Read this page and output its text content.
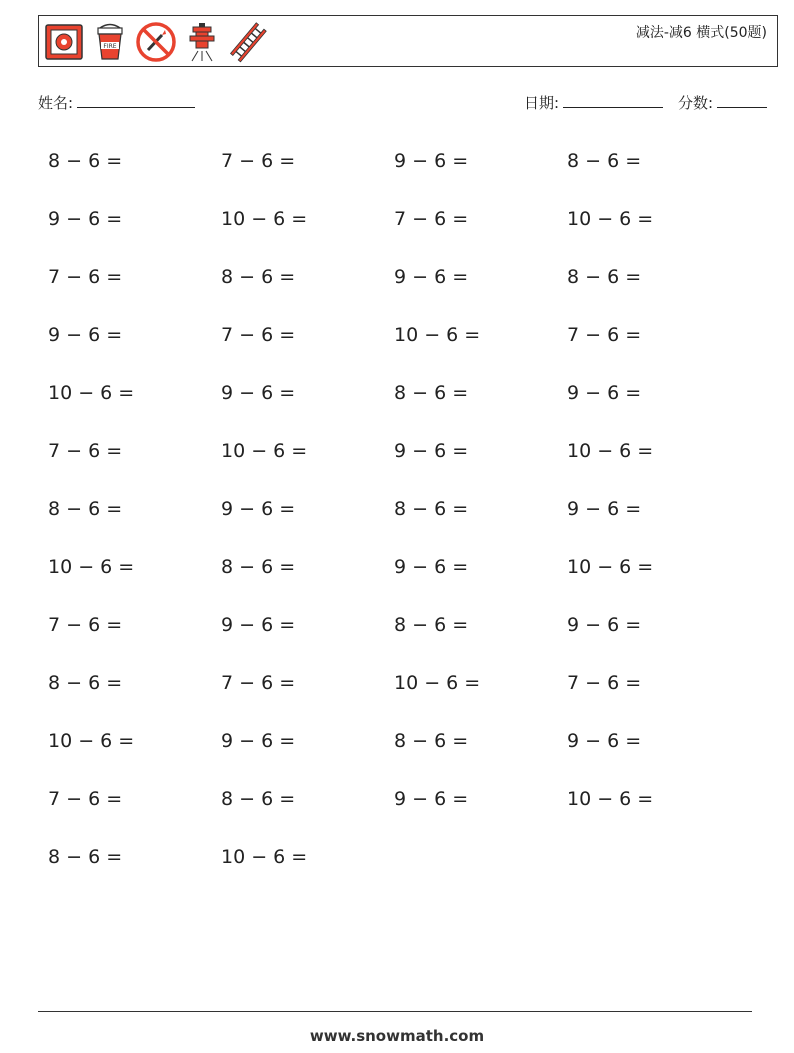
FIRE
减法-减6 横式(50题)
姓名:	日期:	分数:
8 − 6 =	7 − 6 =	9 − 6 =	8 − 6 =
9 − 6 =	10 − 6 =	7 − 6 =	10 − 6 =
7 − 6 =	8 − 6 =	9 − 6 =	8 − 6 =
9 − 6 =	7 − 6 =	10 − 6 =	7 − 6 =
10 − 6 =	9 − 6 =	8 − 6 =	9 − 6 =
7 − 6 =	10 − 6 =	9 − 6 =	10 − 6 =
8 − 6 =	9 − 6 =	8 − 6 =	9 − 6 =
10 − 6 =	8 − 6 =	9 − 6 =	10 − 6 =
7 − 6 =	9 − 6 =	8 − 6 =	9 − 6 =
8 − 6 =	7 − 6 =	10 − 6 =	7 − 6 =
10 − 6 =	9 − 6 =	8 − 6 =	9 − 6 =
7 − 6 =	8 − 6 =	9 − 6 =	10 − 6 =
8 − 6 =	10 − 6 =
www.snowmath.com
